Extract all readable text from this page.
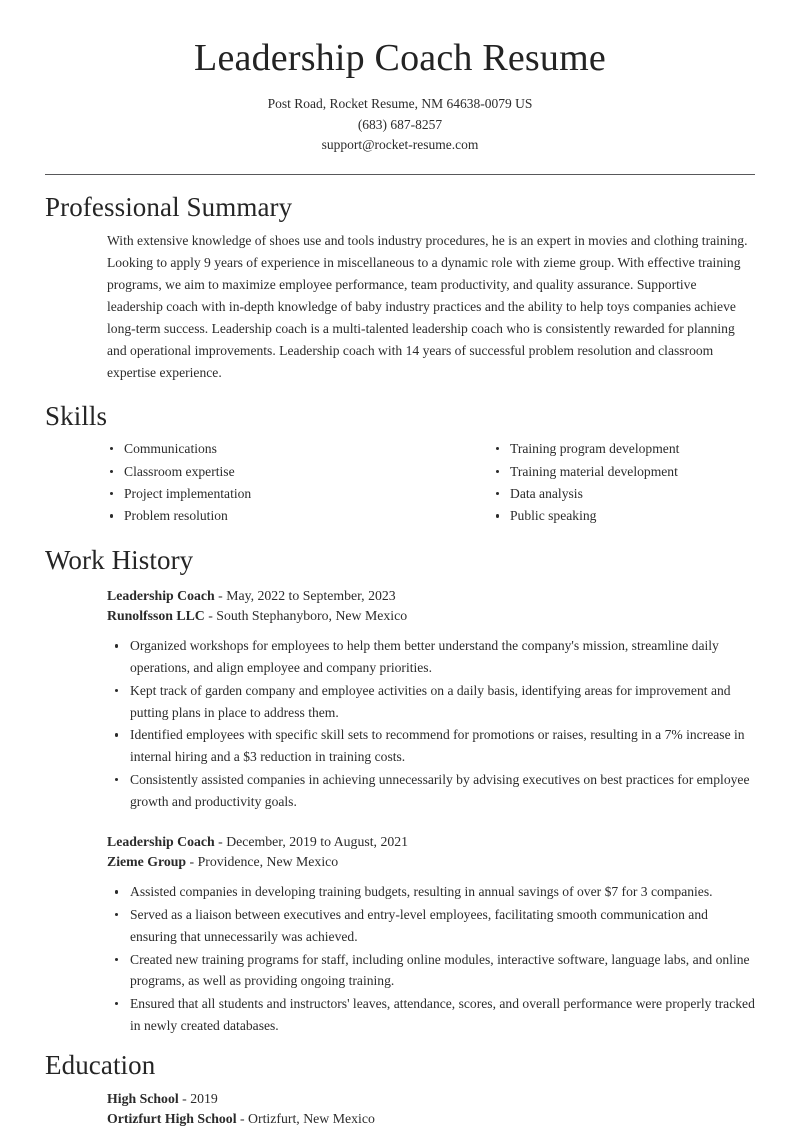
Leadership Coach Resume

Post Road, Rocket Resume, NM 64638-0079 US

(683) 687-8257

support@rocket-resume.com

Professional Summary

With extensive knowledge of shoes use and tools industry procedures, he is an expert in movies and clothing training. Looking to apply 9 years of experience in miscellaneous to a dynamic role with zieme group. With effective training programs, we aim to maximize employee performance, team productivity, and quality assurance. Supportive leadership coach with in-depth knowledge of baby industry practices and the ability to help toys companies achieve long-term success. Leadership coach is a multi-talented leadership coach who is consistently rewarded for planning and operational improvements. Leadership coach with 14 years of successful problem resolution and classroom expertise experience.

Skills
Communications
Classroom expertise
Project implementation
Problem resolution
Training program development
Training material development
Data analysis
Public speaking
Work History
Leadership Coach - May, 2022 to September, 2023
Runolfsson LLC - South Stephanyboro, New Mexico
Organized workshops for employees to help them better understand the company's mission, streamline daily operations, and align employee and company priorities.
Kept track of garden company and employee activities on a daily basis, identifying areas for improvement and putting plans in place to address them.
Identified employees with specific skill sets to recommend for promotions or raises, resulting in a 7% increase in internal hiring and a $3 reduction in training costs.
Consistently assisted companies in achieving unnecessarily by advising executives on best practices for employee growth and productivity goals.
Leadership Coach - December, 2019 to August, 2021
Zieme Group - Providence, New Mexico
Assisted companies in developing training budgets, resulting in annual savings of over $7 for 3 companies.
Served as a liaison between executives and entry-level employees, facilitating smooth communication and ensuring that unnecessarily was achieved.
Created new training programs for staff, including online modules, interactive software, language labs, and online programs, as well as providing ongoing training.
Ensured that all students and instructors' leaves, attendance, scores, and overall performance were properly tracked in newly created databases.
Education
High School - 2019
Ortizfurt High School - Ortizfurt, New Mexico
